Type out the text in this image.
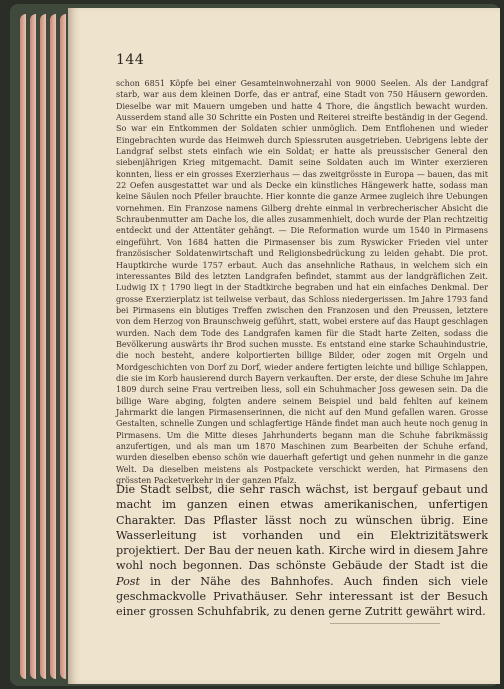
144
schon 6851 Köpfe bei einer Gesamteinwohnerzahl von 9000 Seelen. Als der Landgraf starb, war aus dem kleinen Dorfe, das er antraf, eine Stadt von 750 Häusern geworden. Dieselbe war mit Mauern umgeben und hatte 4 Thore, die ängstlich bewacht wurden. Ausserdem stand alle 30 Schritte ein Posten und Reiterei streifte beständig in der Gegend. So war ein Entkommen der Soldaten schier unmöglich. Dem Entflohenen und wieder Eingebrachten wurde das Heimweh durch Spiessruten ausgetrieben. Uebrigens lebte der Landgraf selbst stets einfach wie ein Soldat; er hatte als preussischer General den siebenjährigen Krieg mitgemacht. Damit seine Soldaten auch im Winter exerzieren konnten, liess er ein grosses Exerzierhaus — das zweitgrösste in Europa — bauen, das mit 22 Oefen ausgestattet war und als Decke ein künstliches Hängewerk hatte, sodass man keine Säulen noch Pfeiler brauchte. Hier konnte die ganze Armee zugleich ihre Uebungen vornehmen. Ein Franzose namens Gilberg drehte einmal in verbrecherischer Absicht die Schraubenmutter am Dache los, die alles zusammenhielt, doch wurde der Plan rechtzeitig entdeckt und der Attentäter gehängt. — Die Reformation wurde um 1540 in Pirmasens eingeführt. Von 1684 hatten die Pirmasenser bis zum Ryswicker Frieden viel unter französischer Soldatenwirtschaft und Religionsbedrückung zu leiden gehabt. Die prot. Hauptkirche wurde 1757 erbaut. Auch das ansehnliche Rathaus, in welchem sich ein interessantes Bild des letzten Landgrafen befindet, stammt aus der landgräflichen Zeit. Ludwig IX † 1790 liegt in der Stadtkirche begraben und hat ein einfaches Denkmal. Der grosse Exerzierplatz ist teilweise verbaut, das Schloss niedergerissen. Im Jahre 1793 fand bei Pirmasens ein blutiges Treffen zwischen den Franzosen und den Preussen, letztere von dem Herzog von Braunschweig geführt, statt, wobei erstere auf das Haupt geschlagen wurden. Nach dem Tode des Landgrafen kamen für die Stadt harte Zeiten, sodass die Bevölkerung auswärts ihr Brod suchen musste. Es entstand eine starke Schauhindustrie, die noch besteht, andere kolportierten billige Bilder, oder zogen mit Orgeln und Mordgeschichten von Dorf zu Dorf, wieder andere fertigten leichte und billige Schlappen, die sie im Korb hausierend durch Bayern verkauften. Der erste, der diese Schuhe im Jahre 1809 durch seine Frau vertreiben liess, soll ein Schuhmacher Joss gewesen sein. Da die billige Ware abging, folgten andere seinem Beispiel und bald fehlten auf keinem Jahrmarkt die langen Pirmasenserinnen, die nicht auf den Mund gefallen waren. Grosse Gestalten, schnelle Zungen und schlagfertige Hände findet man auch heute noch genug in Pirmasens. Um die Mitte dieses Jahrhunderts begann man die Schuhe fabrikmässig anzufertigen, und als man um 1870 Maschinen zum Bearbeiten der Schuhe erfand, wurden dieselben ebenso schön wie dauerhaft gefertigt und gehen nunmehr in die ganze Welt. Da dieselben meistens als Postpackete verschickt werden, hat Pirmasens den grössten Packetverkehr in der ganzen Pfalz.
Die Stadt selbst, die sehr rasch wächst, ist bergauf gebaut und macht im ganzen einen etwas amerikanischen, unfertigen Charakter. Das Pflaster lässt noch zu wünschen übrig. Eine Wasserleitung ist vorhanden und ein Elektrizitätswerk projektiert. Der Bau der neuen kath. Kirche wird in diesem Jahre wohl noch begonnen. Das schönste Gebäude der Stadt ist die Post in der Nähe des Bahnhofes. Auch finden sich viele geschmackvolle Privathäuser. Sehr interessant ist der Besuch einer grossen Schuhfabrik, zu denen gerne Zutritt gewährt wird.
